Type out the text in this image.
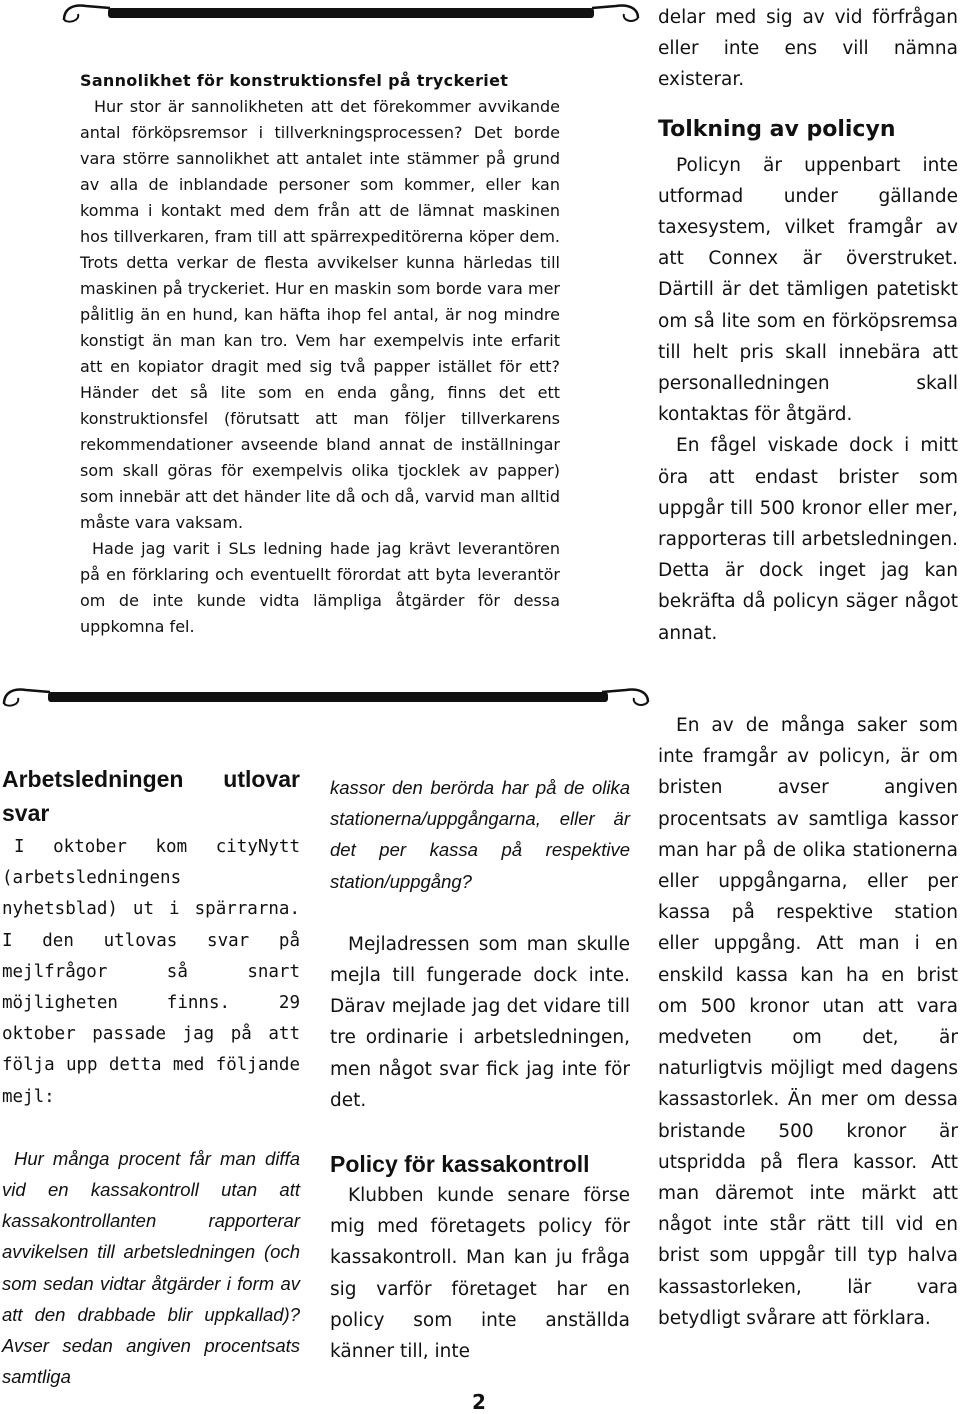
Sannolikhet för konstruktionsfel på tryckeriet

Hur stor är sannolikheten att det förekommer avvikande antal förköpsremsor i tillverkningsprocessen? Det borde vara större sannolikhet att antalet inte stämmer på grund av alla de inblandade personer som kommer, eller kan komma i kontakt med dem från att de lämnat maskinen hos tillverkaren, fram till att spärrexpeditörerna köper dem. Trots detta verkar de flesta avvikelser kunna härledas till maskinen på tryckeriet. Hur en maskin som borde vara mer pålitlig än en hund, kan häfta ihop fel antal, är nog mindre konstigt än man kan tro. Vem har exempelvis inte erfarit att en kopiator dragit med sig två papper istället för ett? Händer det så lite som en enda gång, finns det ett konstruktionsfel (förutsatt att man följer tillverkarens rekommendationer avseende bland annat de inställningar som skall göras för exempelvis olika tjocklek av papper) som innebär att det händer lite då och då, varvid man alltid måste vara vaksam.

Hade jag varit i SLs ledning hade jag krävt leverantören på en förklaring och eventuellt förordat att byta leverantör om de inte kunde vidta lämpliga åtgärder för dessa uppkomna fel.

delar med sig av vid förfrågan eller inte ens vill nämna existerar.

Tolkning av policyn

Policyn är uppenbart inte utformad under gällande taxesystem, vilket framgår av att Connex är överstruket. Därtill är det tämligen patetiskt om så lite som en förköpsremsa till helt pris skall innebära att personalledningen skall kontaktas för åtgärd.

En fågel viskade dock i mitt öra att endast brister som uppgår till 500 kronor eller mer, rapporteras till arbetsledningen. Detta är dock inget jag kan bekräfta då policyn säger något annat.

Arbetsledningen utlovar svar

I oktober kom cityNytt (arbetsledningens nyhetsblad) ut i spärrarna. I den utlovas svar på mejlfrågor så snart möjligheten finns. 29 oktober passade jag på att följa upp detta med följande mejl:

Hur många procent får man diffa vid en kassakontroll utan att kassakontrollanten rapporterar avvikelsen till arbetsledningen (och som sedan vidtar åtgärder i form av att den drabbade blir uppkallad)? Avser sedan angiven procentsats samtliga

kassor den berörda har på de olika stationerna/uppgångarna, eller är det per kassa på respektive station/uppgång?

Mejladressen som man skulle mejla till fungerade dock inte. Därav mejlade jag det vidare till tre ordinarie i arbetsledningen, men något svar fick jag inte för det.

Policy för kassakontroll

Klubben kunde senare förse mig med företagets policy för kassakontroll. Man kan ju fråga sig varför företaget har en policy som inte anställda känner till, inte

En av de många saker som inte framgår av policyn, är om bristen avser angiven procentsats av samtliga kassor man har på de olika stationerna eller uppgångarna, eller per kassa på respektive station eller uppgång. Att man i en enskild kassa kan ha en brist om 500 kronor utan att vara medveten om det, är naturligtvis möjligt med dagens kassastorlek. Än mer om dessa bristande 500 kronor är utspridda på flera kassor. Att man däremot inte märkt att något inte står rätt till vid en brist som uppgår till typ halva kassastorleken, lär vara betydligt svårare att förklara.

2
